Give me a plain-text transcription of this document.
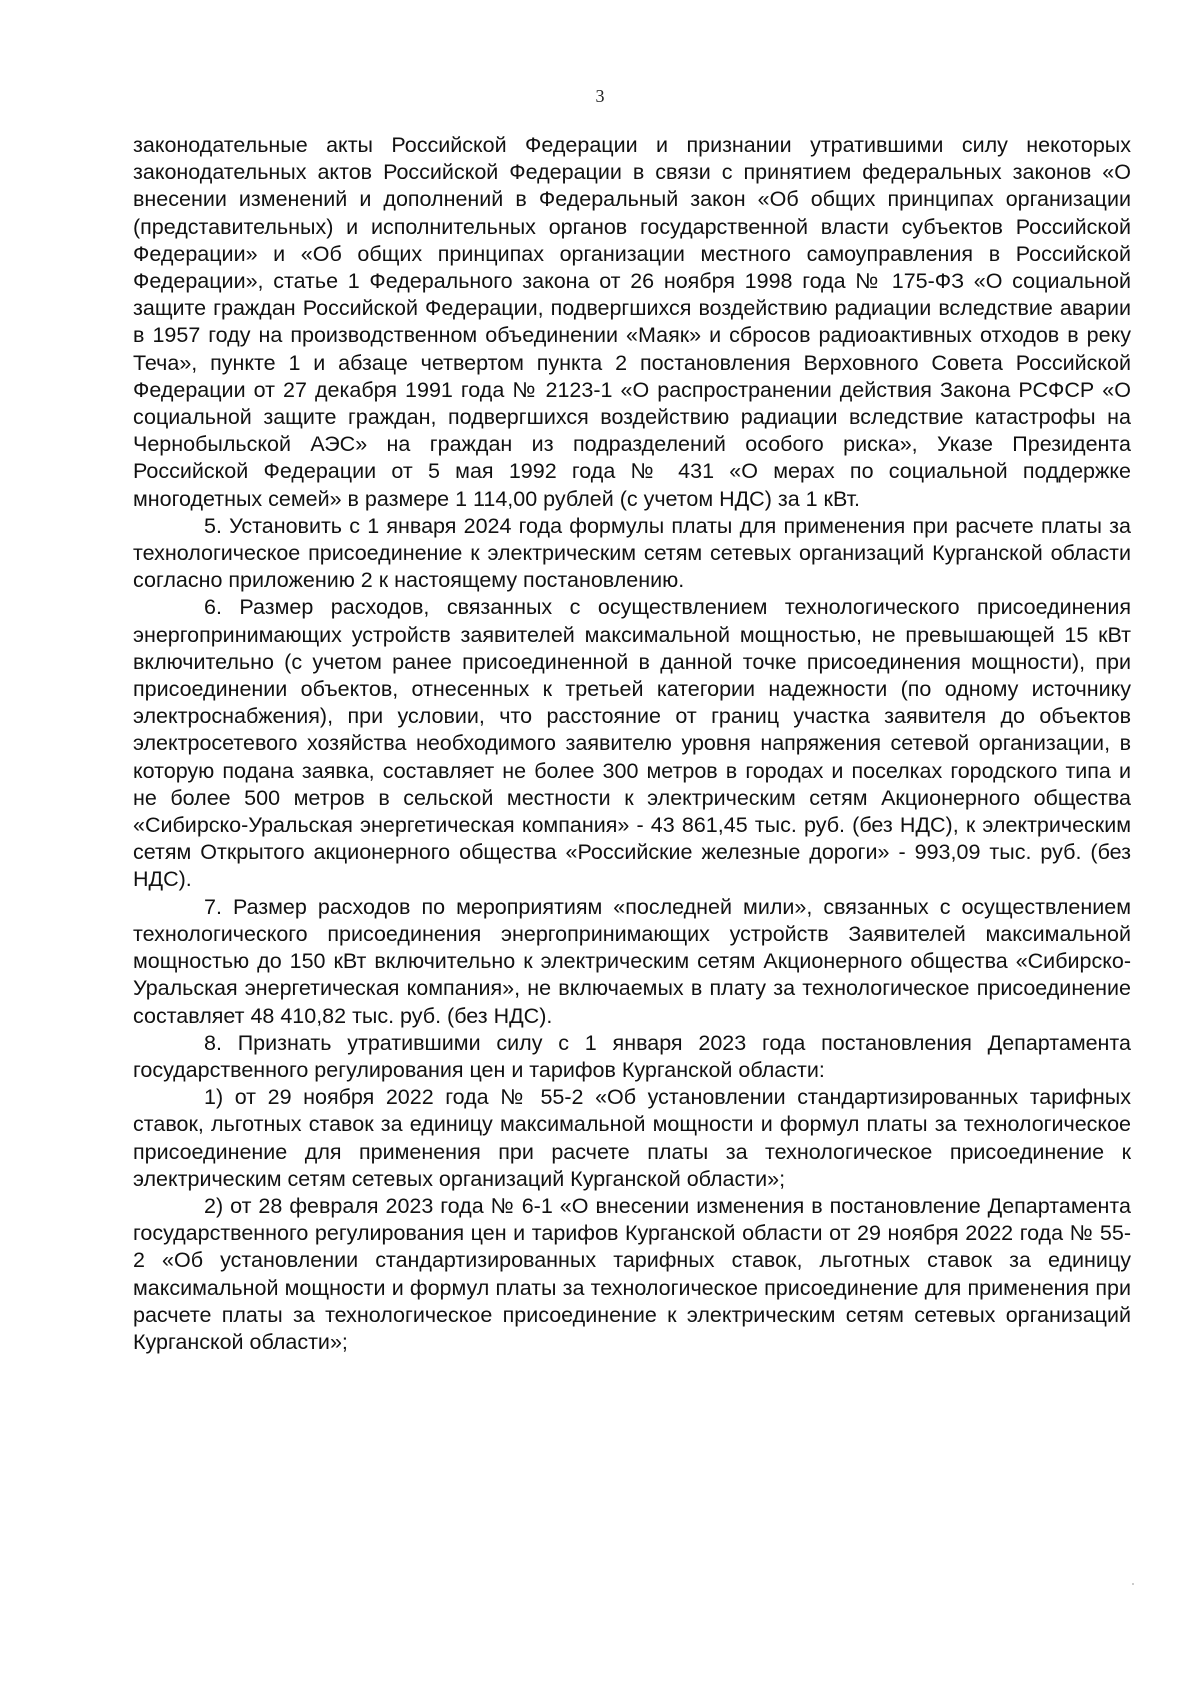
3

законодательные акты Российской Федерации и признании утратившими силу некоторых законодательных актов Российской Федерации в связи с принятием федеральных законов «О внесении изменений и дополнений в Федеральный закон «Об общих принципах организации (представительных) и исполнительных органов государственной власти субъектов Российской Федерации» и «Об общих принципах организации местного самоуправления в Российской Федерации», статье 1 Федерального закона от 26 ноября 1998 года № 175-ФЗ «О социальной защите граждан Российской Федерации, подвергшихся воздействию радиации вследствие аварии в 1957 году на производственном объединении «Маяк» и сбросов радиоактивных отходов в реку Теча», пункте 1 и абзаце четвертом пункта 2 постановления Верховного Совета Российской Федерации от 27 декабря 1991 года № 2123-1 «О распространении действия Закона РСФСР «О социальной защите граждан, подвергшихся воздействию радиации вследствие катастрофы на Чернобыльской АЭС» на граждан из подразделений особого риска», Указе Президента Российской Федерации от 5 мая 1992 года № 431 «О мерах по социальной поддержке многодетных семей» в размере 1 114,00 рублей (с учетом НДС) за 1 кВт.

5. Установить с 1 января 2024 года формулы платы для применения при расчете платы за технологическое присоединение к электрическим сетям сетевых организаций Курганской области согласно приложению 2 к настоящему постановлению.

6. Размер расходов, связанных с осуществлением технологического присоединения энергопринимающих устройств заявителей максимальной мощностью, не превышающей 15 кВт включительно (с учетом ранее присоединенной в данной точке присоединения мощности), при присоединении объектов, отнесенных к третьей категории надежности (по одному источнику электроснабжения), при условии, что расстояние от границ участка заявителя до объектов электросетевого хозяйства необходимого заявителю уровня напряжения сетевой организации, в которую подана заявка, составляет не более 300 метров в городах и поселках городского типа и не более 500 метров в сельской местности к электрическим сетям Акционерного общества «Сибирско-Уральская энергетическая компания» - 43 861,45 тыс. руб. (без НДС), к электрическим сетям Открытого акционерного общества «Российские железные дороги» - 993,09 тыс. руб. (без НДС).

7. Размер расходов по мероприятиям «последней мили», связанных с осуществлением технологического присоединения энергопринимающих устройств Заявителей максимальной мощностью до 150 кВт включительно к электрическим сетям Акционерного общества «Сибирско-Уральская энергетическая компания», не включаемых в плату за технологическое присоединение составляет 48 410,82 тыс. руб. (без НДС).

8. Признать утратившими силу с 1 января 2023 года постановления Департамента государственного регулирования цен и тарифов Курганской области:

1) от 29 ноября 2022 года № 55-2 «Об установлении стандартизированных тарифных ставок, льготных ставок за единицу максимальной мощности и формул платы за технологическое присоединение для применения при расчете платы за технологическое присоединение к электрическим сетям сетевых организаций Курганской области»;

2) от 28 февраля 2023 года № 6-1 «О внесении изменения в постановление Департамента государственного регулирования цен и тарифов Курганской области от 29 ноября 2022 года № 55-2 «Об установлении стандартизированных тарифных ставок, льготных ставок за единицу максимальной мощности и формул платы за технологическое присоединение для применения при расчете платы за технологическое присоединение к электрическим сетям сетевых организаций Курганской области»;
